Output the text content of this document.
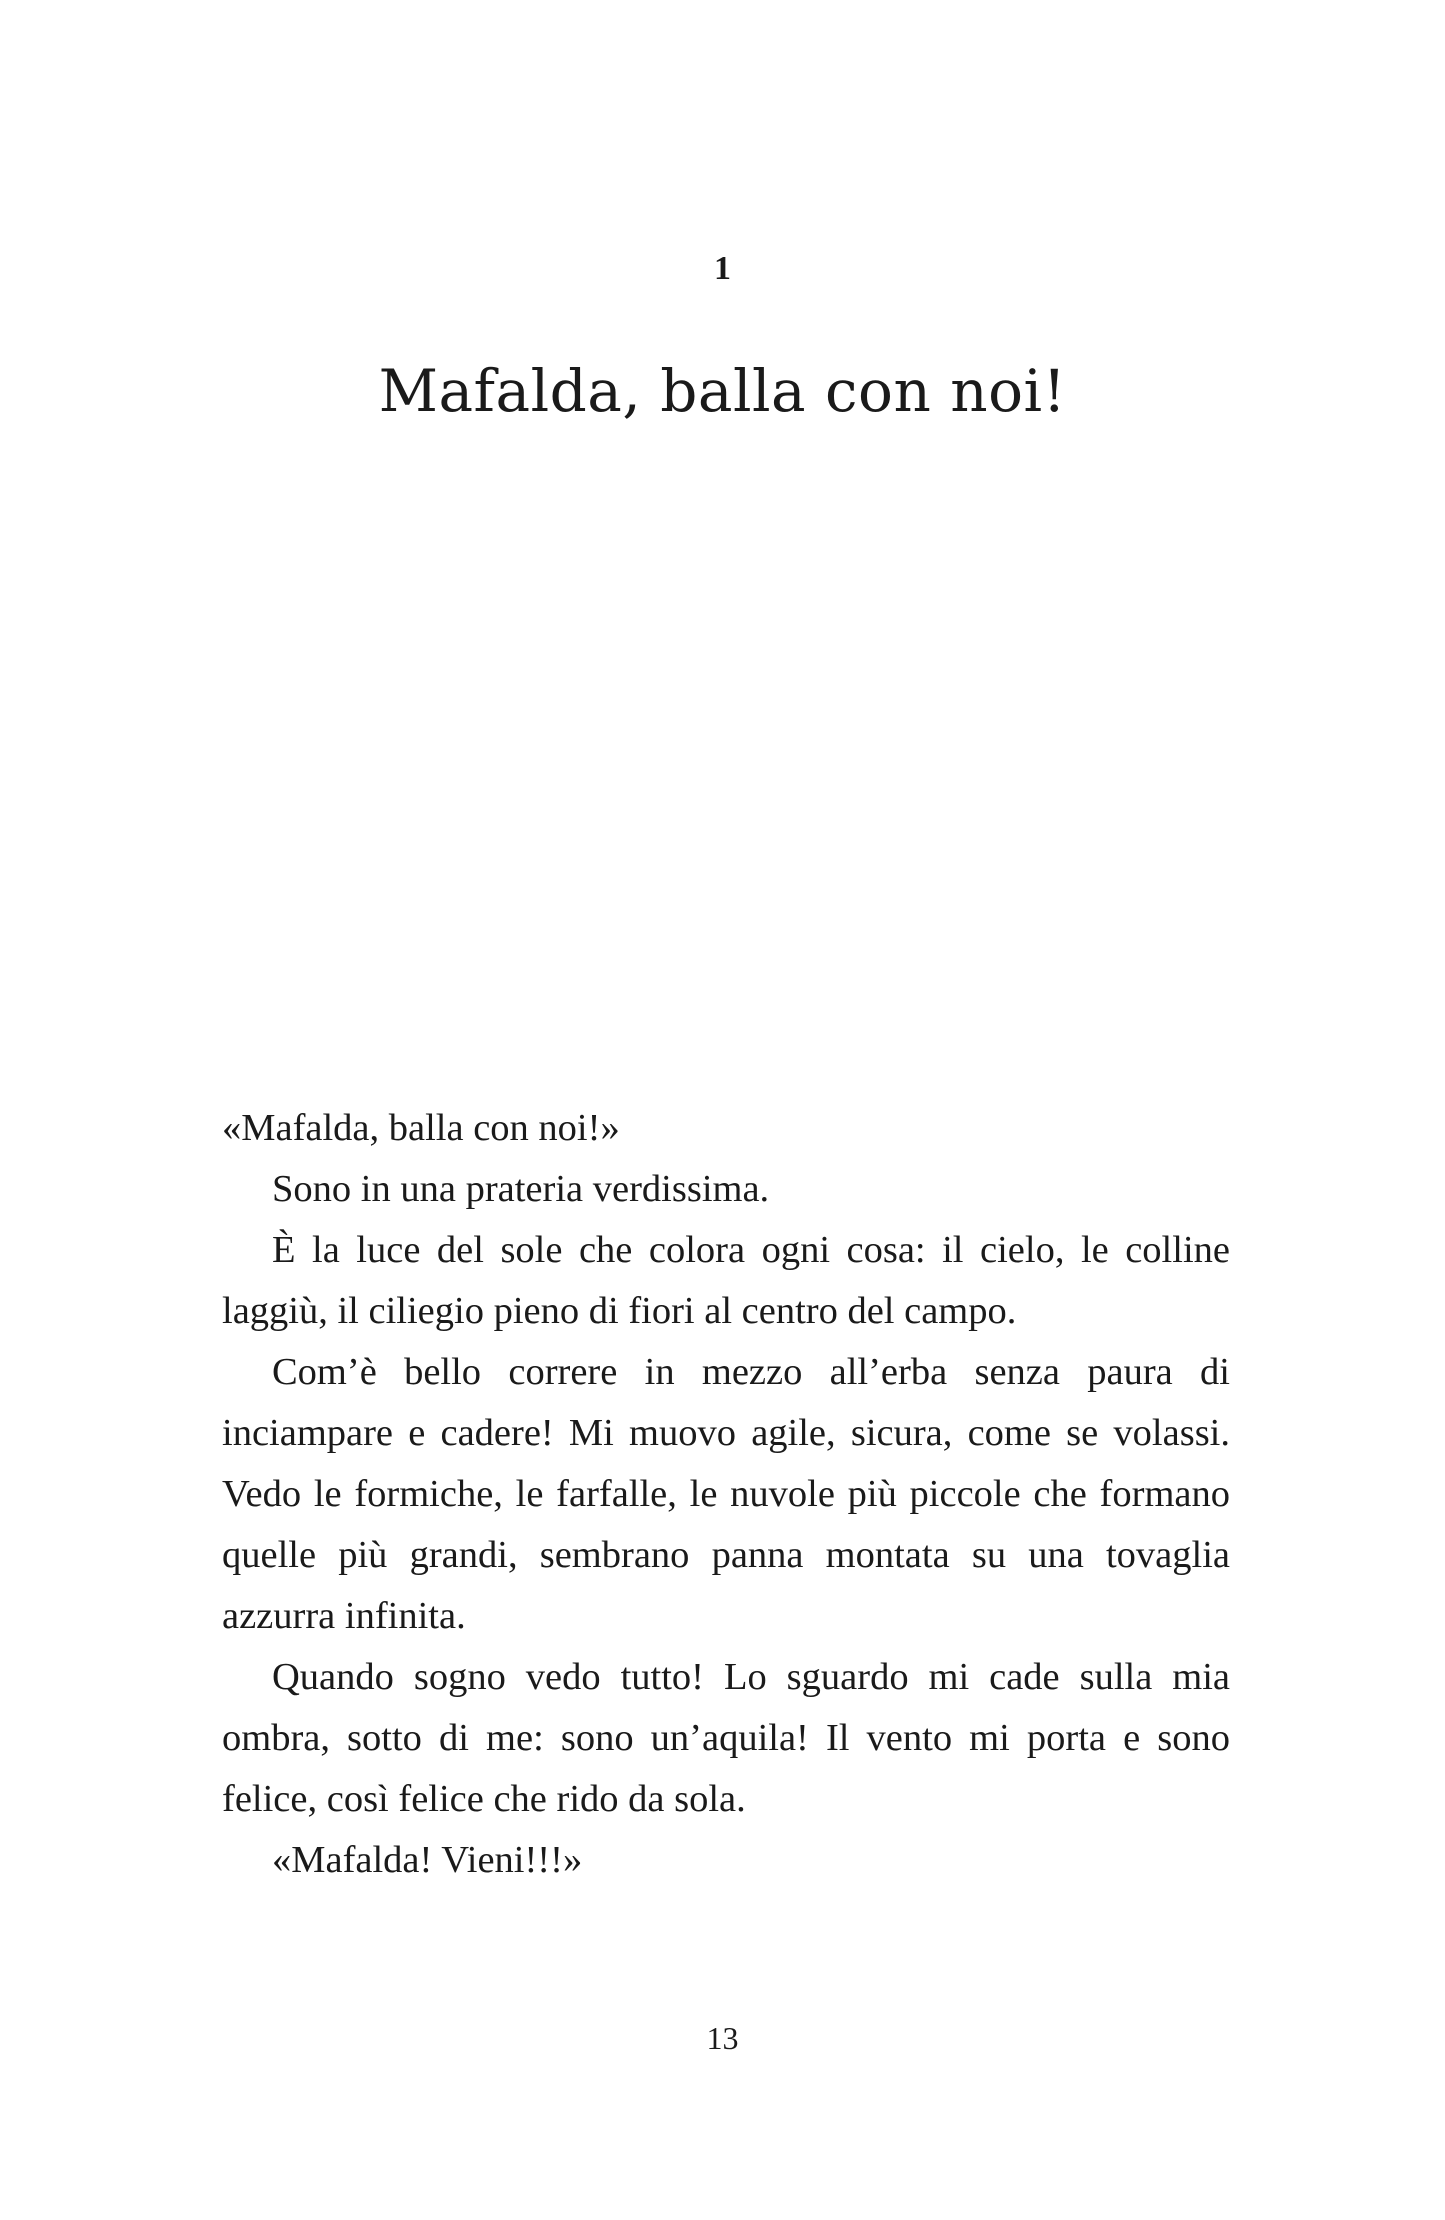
1
Mafalda, balla con noi!

«Mafalda, balla con noi!»

Sono in una prateria verdissima.

È la luce del sole che colora ogni cosa: il cielo, le colline laggiù, il ciliegio pieno di fiori al centro del campo.

Com’è bello correre in mezzo all’erba senza paura di inciampare e cadere! Mi muovo agile, sicura, come se volassi. Vedo le formiche, le farfalle, le nuvole più piccole che formano quelle più grandi, sembrano panna montata su una tovaglia azzurra infinita.

Quando sogno vedo tutto! Lo sguardo mi cade sulla mia ombra, sotto di me: sono un’aquila! Il vento mi porta e sono felice, così felice che rido da sola.

«Mafalda! Vieni!!!»

13
